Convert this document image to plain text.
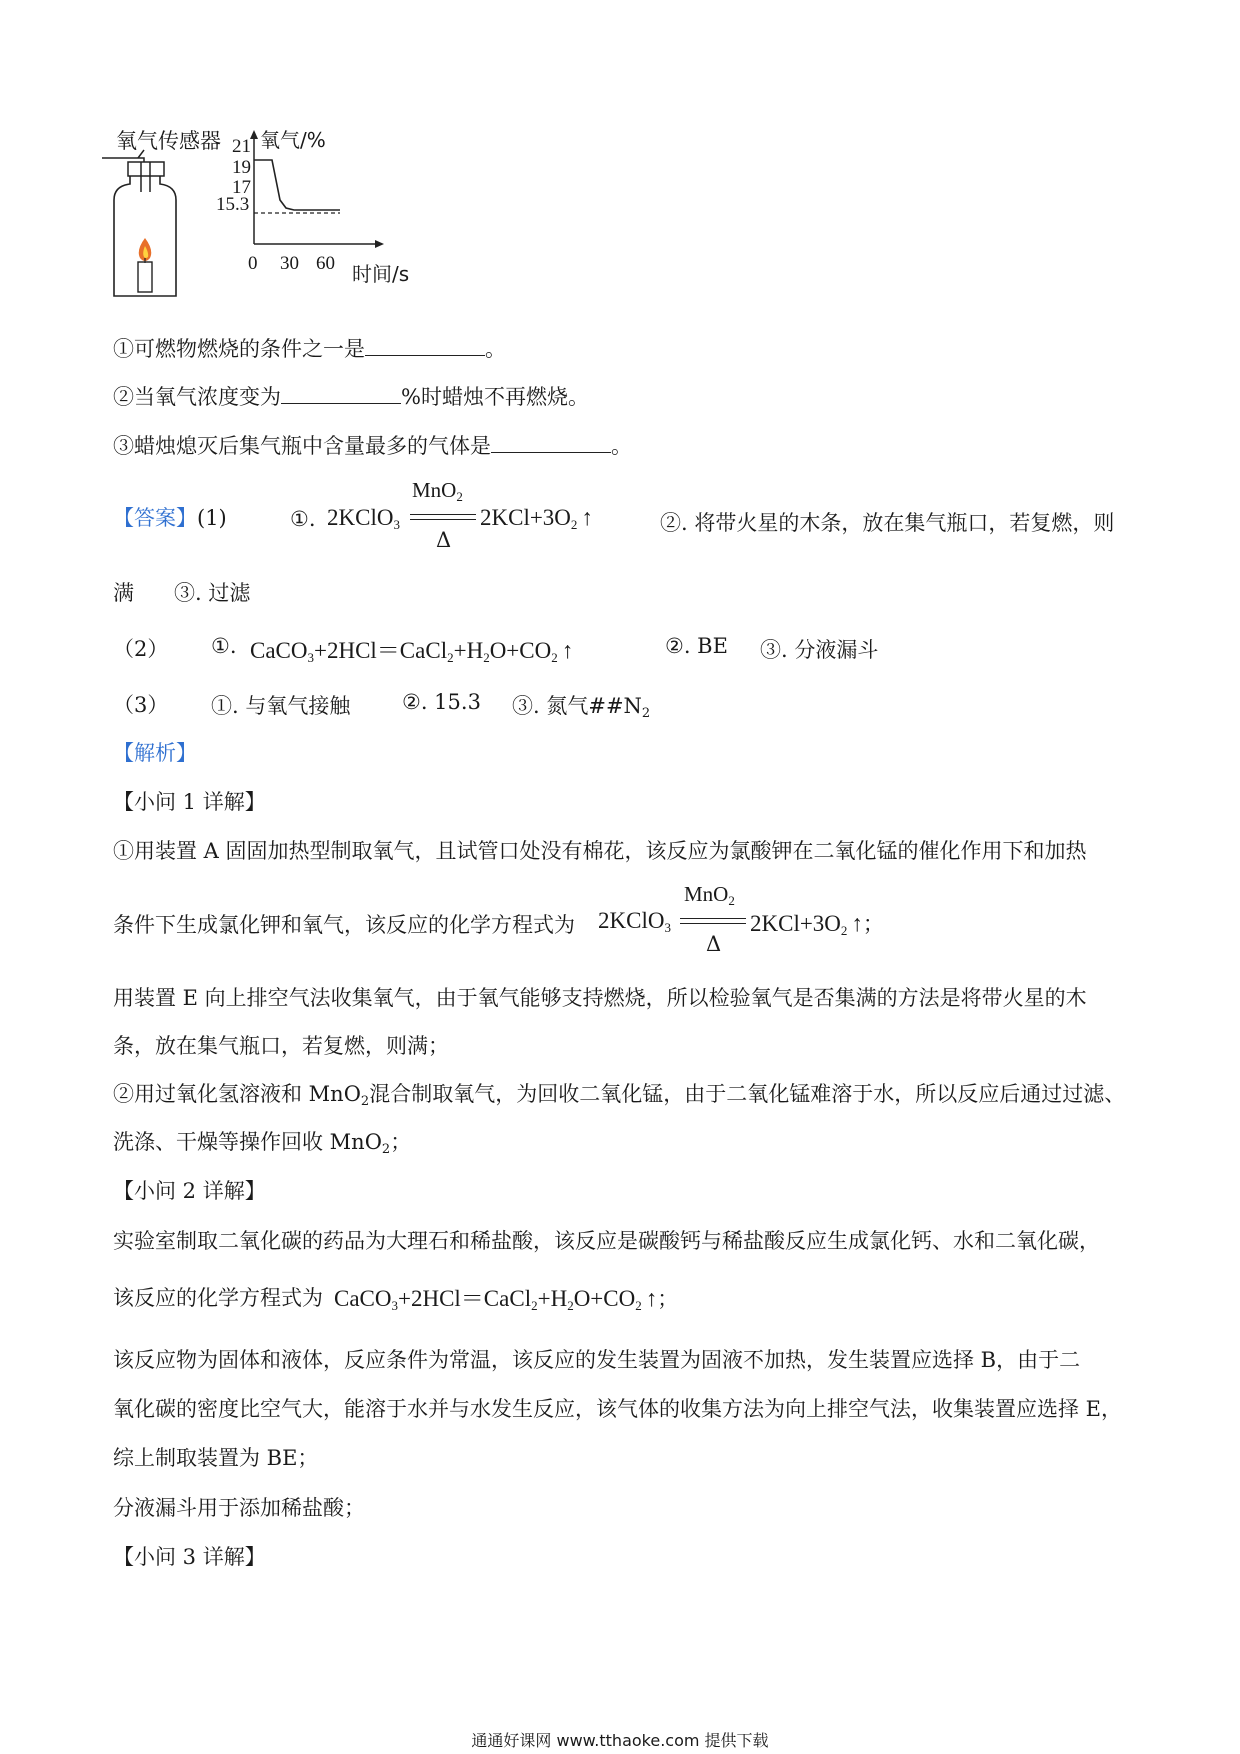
氧气传感器 氧气/%
21
19
17
15.3
0 30 60 时间/s
①可燃物燃烧的条件之一是	。
②当氧气浓度变为	%时蜡烛不再燃烧。
③蜡烛熄灭后集气瓶中含量最多的气体是	。
【答案】(1)	①. 2KClO$_3$
MnO$_2$
Δ
$2KCl+3O_2$ ↑	②. 将带火星的木条，放在集气瓶口，若复燃，则
满 ③. 过滤
（2） ①. $CaCO_3+2HCl=CaCl_2+H_2O+CO_2$ ↑	②. BE ③. 分液漏斗
（3） ①. 与氧气接触 ②. 15.3 ③. 氮气$\#\#N_2$
【解析】
【小问 1 详解】
①用装置 A 固固加热型制取氧气，且试管口处没有棉花，该反应为氯酸钾在二氧化锰的催化作用下和加热
条件下生成氯化钾和氧气，该反应的化学方程式为 2KClO$_3$
MnO$_2$
Δ
$2KCl+3O_2$ ↑；
用装置 E 向上排空气法收集氧气，由于氧气能够支持燃烧，所以检验氧气是否集满的方法是将带火星的木
条，放在集气瓶口，若复燃，则满；
②用过氧化氢溶液和 MnO$_2$混合制取氧气，为回收二氧化锰，由于二氧化锰难溶于水，所以反应后通过过滤、
洗涤、干燥等操作回收 MnO$_2$；
【小问 2 详解】
实验室制取二氧化碳的药品为大理石和稀盐酸，该反应是碳酸钙与稀盐酸反应生成氯化钙、水和二氧化碳，
该反应的化学方程式为 $CaCO_3+2HCl=CaCl_2+H_2O+CO_2$ ↑；
该反应物为固体和液体，反应条件为常温，该反应的发生装置为固液不加热，发生装置应选择 B，由于二
氧化碳的密度比空气大，能溶于水并与水发生反应，该气体的收集方法为向上排空气法，收集装置应选择 E，
综上制取装置为 BE；
分液漏斗用于添加稀盐酸；
【小问 3 详解】
通通好课网 www.tthaoke.com 提供下载
